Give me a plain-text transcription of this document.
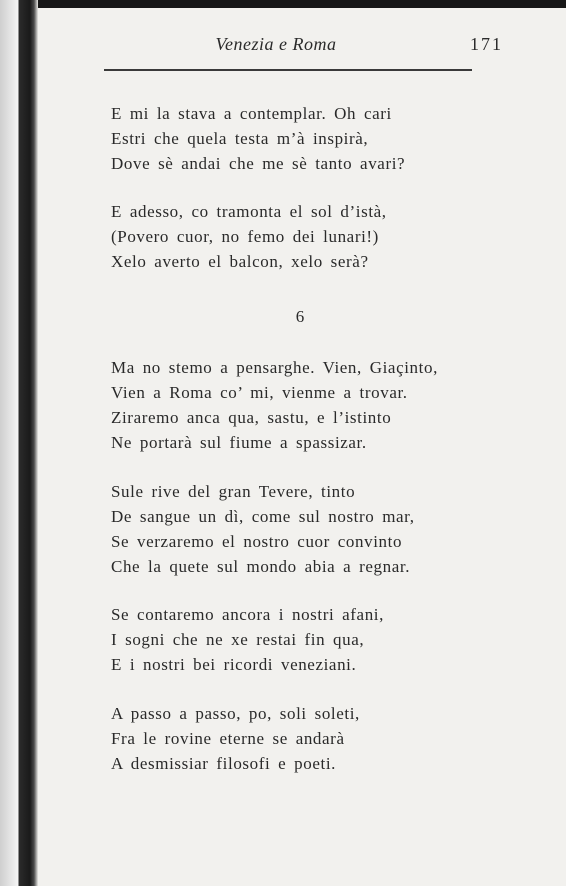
Venezia e Roma	171
E mi la stava a contemplar. Oh cari
Estri che quela testa m’à inspirà,
Dove sè andai che me sè tanto avari?
E adesso, co tramonta el sol d’istà,
(Povero cuor, no femo dei lunari!)
Xelo averto el balcon, xelo serà?
6
Ma no stemo a pensarghe. Vien, Giaçinto,
Vien a Roma co’ mi, vienme a trovar.
Ziraremo anca qua, sastu, e l’istinto
Ne portarà sul fiume a spassizar.
Sule rive del gran Tevere, tinto
De sangue un dì, come sul nostro mar,
Se verzaremo el nostro cuor convinto
Che la quete sul mondo abia a regnar.
Se contaremo ancora i nostri afani,
I sogni che ne xe restai fin qua,
E i nostri bei ricordi veneziani.
A passo a passo, po, soli soleti,
Fra le rovine eterne se andarà
A desmissiar filosofi e poeti.
